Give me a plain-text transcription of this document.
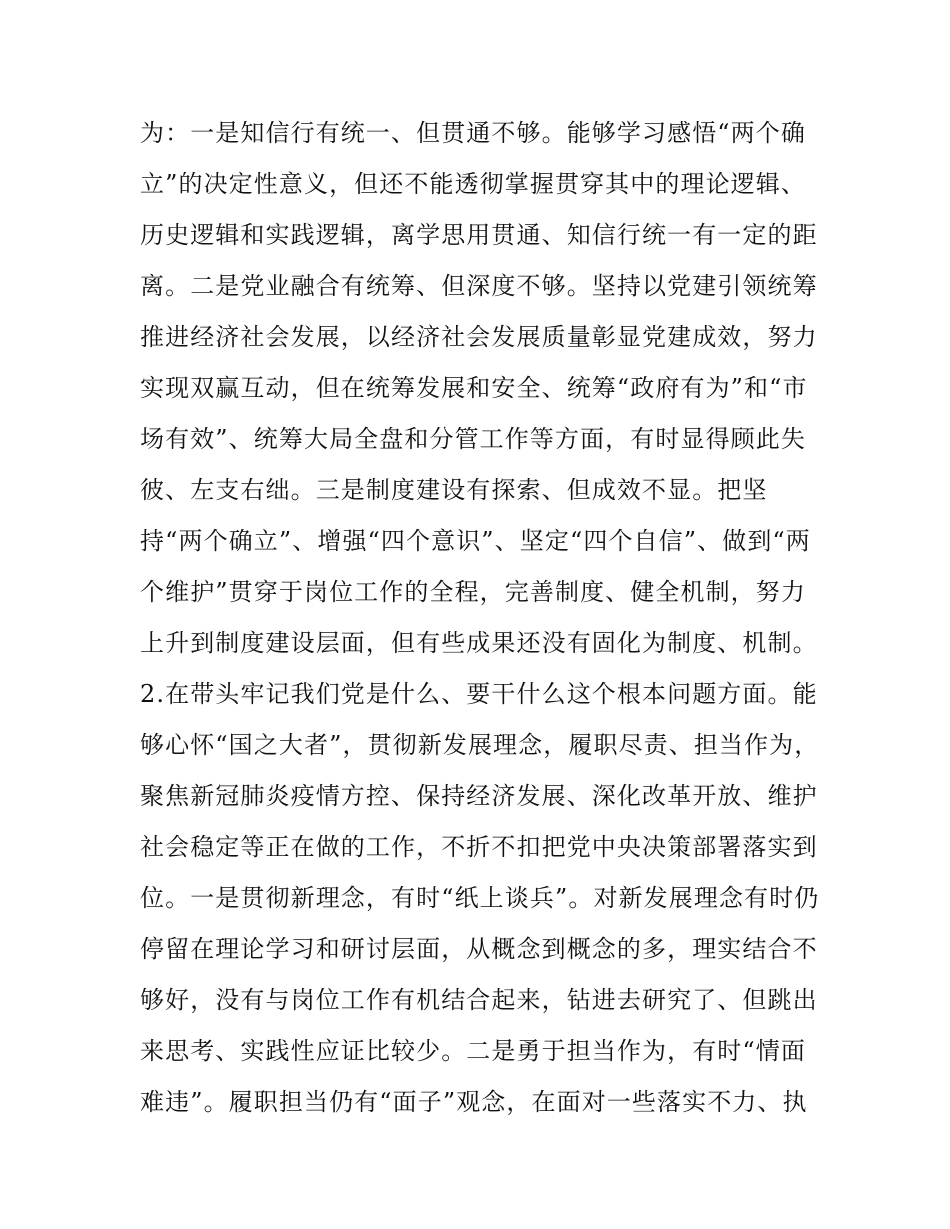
为：一是知信行有统一、但贯通不够。能够学习感悟“两个确
立”的决定性意义，但还不能透彻掌握贯穿其中的理论逻辑、
历史逻辑和实践逻辑，离学思用贯通、知信行统一有一定的距
离。二是党业融合有统筹、但深度不够。坚持以党建引领统筹
推进经济社会发展，以经济社会发展质量彰显党建成效，努力
实现双赢互动，但在统筹发展和安全、统筹“政府有为”和“市
场有效”、统筹大局全盘和分管工作等方面，有时显得顾此失
彼、左支右绌。三是制度建设有探索、但成效不显。把坚
持“两个确立”、增强“四个意识”、坚定“四个自信”、做到“两
个维护”贯穿于岗位工作的全程，完善制度、健全机制，努力
上升到制度建设层面，但有些成果还没有固化为制度、机制。
2.在带头牢记我们党是什么、要干什么这个根本问题方面。能
够心怀“国之大者”，贯彻新发展理念，履职尽责、担当作为，
聚焦新冠肺炎疫情方控、保持经济发展、深化改革开放、维护
社会稳定等正在做的工作，不折不扣把党中央决策部署落实到
位。一是贯彻新理念，有时“纸上谈兵”。对新发展理念有时仍
停留在理论学习和研讨层面，从概念到概念的多，理实结合不
够好，没有与岗位工作有机结合起来，钻进去研究了、但跳出
来思考、实践性应证比较少。二是勇于担当作为，有时“情面
难违”。履职担当仍有“面子”观念，在面对一些落实不力、执
